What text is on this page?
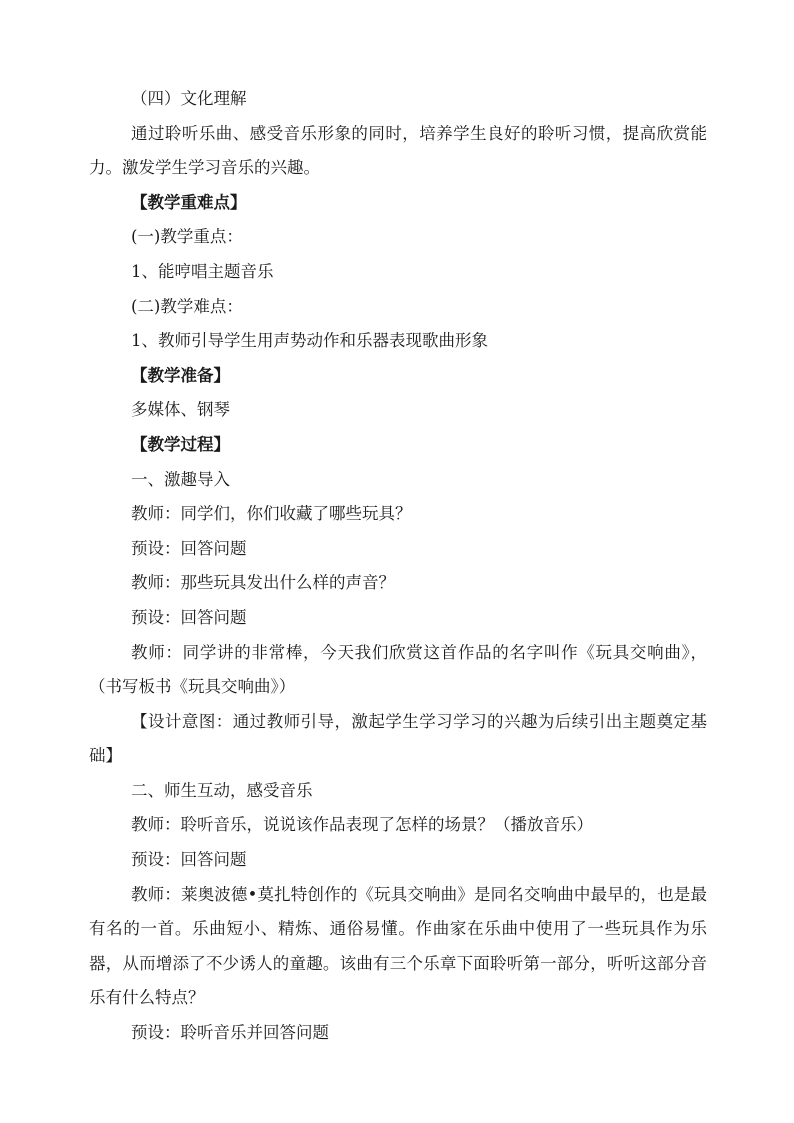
（四）文化理解

通过聆听乐曲、感受音乐形象的同时，培养学生良好的聆听习惯，提高欣赏能力。激发学生学习音乐的兴趣。

【教学重难点】

(一)教学重点：

1、能哼唱主题音乐

(二)教学难点：

1、教师引导学生用声势动作和乐器表现歌曲形象

【教学准备】

多媒体、钢琴

【教学过程】

一、激趣导入

教师：同学们，你们收藏了哪些玩具？

预设：回答问题

教师：那些玩具发出什么样的声音？

预设：回答问题

教师：同学讲的非常棒，今天我们欣赏这首作品的名字叫作《玩具交响曲》，（书写板书《玩具交响曲》）

【设计意图：通过教师引导，激起学生学习学习的兴趣为后续引出主题奠定基础】

二、师生互动，感受音乐

教师：聆听音乐，说说该作品表现了怎样的场景？（播放音乐）

预设：回答问题

教师：莱奥波德•莫扎特创作的《玩具交响曲》是同名交响曲中最早的，也是最有名的一首。乐曲短小、精炼、通俗易懂。作曲家在乐曲中使用了一些玩具作为乐器，从而增添了不少诱人的童趣。该曲有三个乐章下面聆听第一部分，听听这部分音乐有什么特点？

预设：聆听音乐并回答问题
